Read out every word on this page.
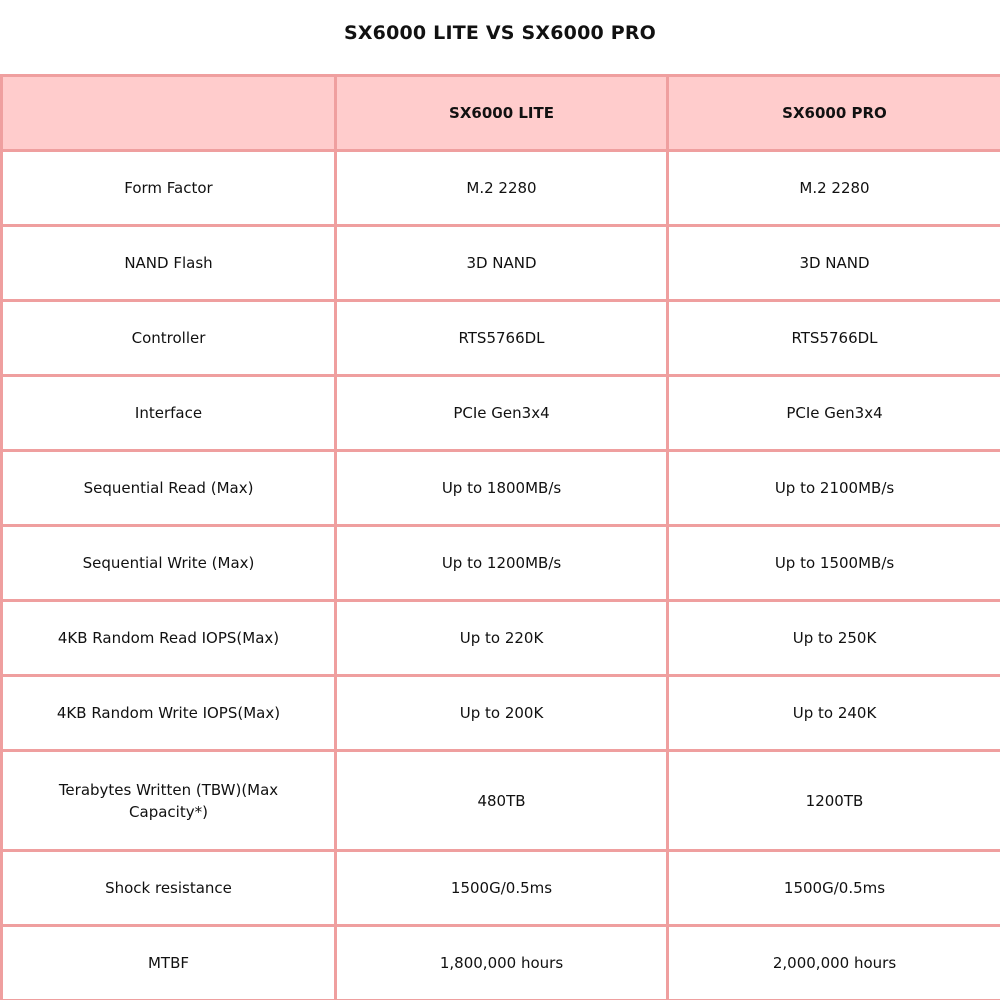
SX6000 LITE VS SX6000 PRO
	SX6000 LITE	SX6000 PRO
Form Factor	M.2 2280	M.2 2280
NAND Flash	3D NAND	3D NAND
Controller	RTS5766DL	RTS5766DL
Interface	PCIe Gen3x4	PCIe Gen3x4
Sequential Read (Max)	Up to 1800MB/s	Up to 2100MB/s
Sequential Write (Max)	Up to 1200MB/s	Up to 1500MB/s
4KB Random Read IOPS(Max)	Up to 220K	Up to 250K
4KB Random Write IOPS(Max)	Up to 200K	Up to 240K
Terabytes Written (TBW)(Max Capacity*)	480TB	1200TB
Shock resistance	1500G/0.5ms	1500G/0.5ms
MTBF	1,800,000 hours	2,000,000 hours
